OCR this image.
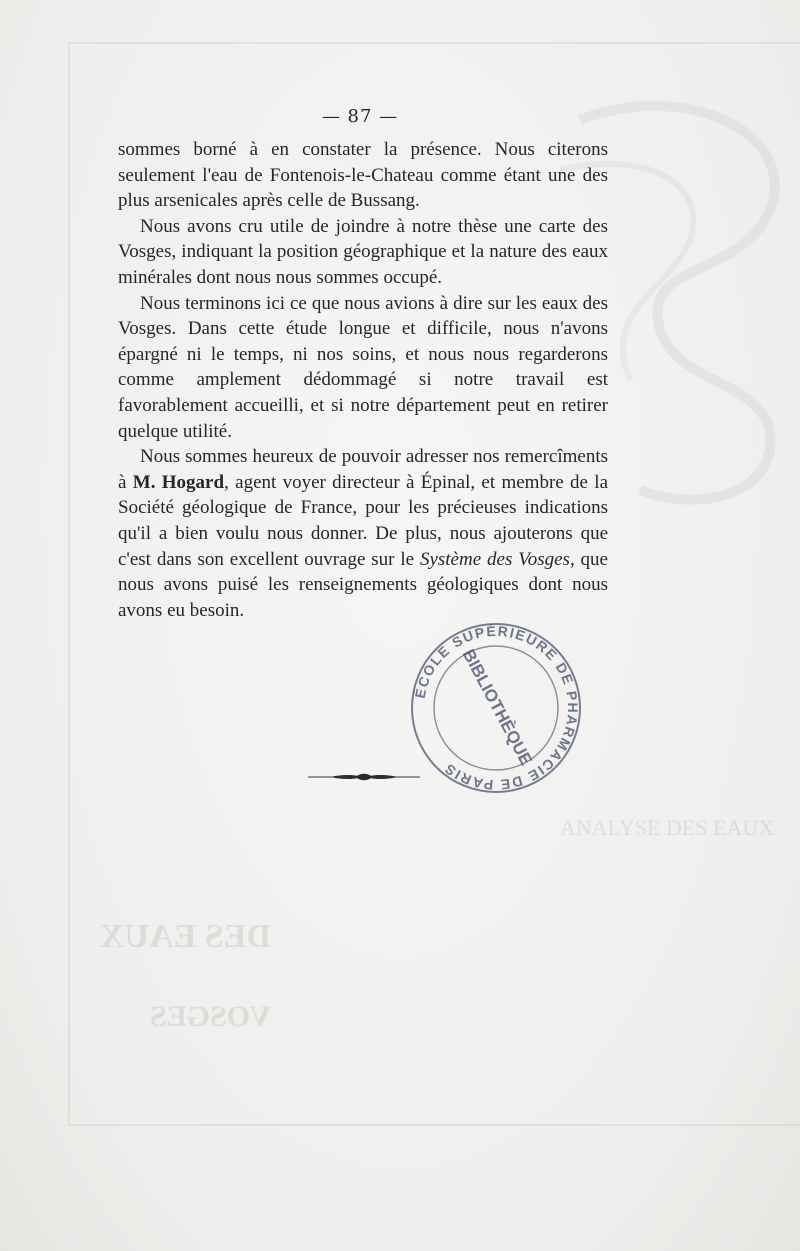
ANALYSE DES EAUX
DES EAUX
VOSGES
— 87 —

sommes borné à en constater la présence. Nous citerons seulement l'eau de Fontenois-le-Chateau comme étant une des plus arsenicales après celle de Bussang.

Nous avons cru utile de joindre à notre thèse une carte des Vosges, indiquant la position géographique et la nature des eaux minérales dont nous nous sommes occupé.

Nous terminons ici ce que nous avions à dire sur les eaux des Vosges. Dans cette étude longue et difficile, nous n'avons épargné ni le temps, ni nos soins, et nous nous regarderons comme amplement dédommagé si notre travail est favorablement accueilli, et si notre département peut en retirer quelque utilité.

Nous sommes heureux de pouvoir adresser nos remercîments à M. Hogard, agent voyer directeur à Épinal, et membre de la Société géologique de France, pour les précieuses indications qu'il a bien voulu nous donner. De plus, nous ajouterons que c'est dans son excellent ouvrage sur le Système des Vosges, que nous avons puisé les renseignements géologiques dont nous avons eu besoin.

ÉCOLE SUPÉRIEURE DE PHARMACIE DE PARIS
BIBLIOTHÈQUE
